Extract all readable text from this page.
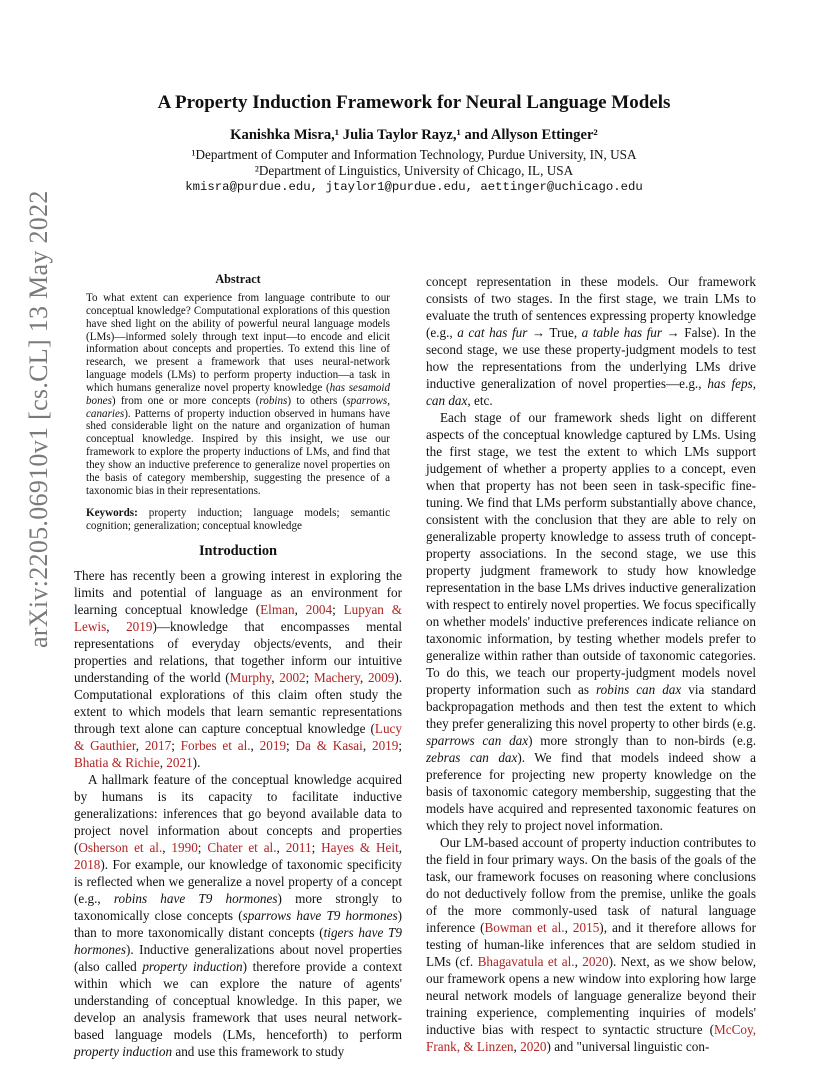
arXiv:2205.06910v1 [cs.CL] 13 May 2022
A Property Induction Framework for Neural Language Models
Kanishka Misra,¹ Julia Taylor Rayz,¹ and Allyson Ettinger²
¹Department of Computer and Information Technology, Purdue University, IN, USA
²Department of Linguistics, University of Chicago, IL, USA
kmisra@purdue.edu, jtaylor1@purdue.edu, aettinger@uchicago.edu
Abstract

To what extent can experience from language contribute to our conceptual knowledge? Computational explorations of this question have shed light on the ability of powerful neural language models (LMs)—informed solely through text input—to encode and elicit information about concepts and properties. To extend this line of research, we present a framework that uses neural-network language models (LMs) to perform property induction—a task in which humans generalize novel property knowledge (has sesamoid bones) from one or more concepts (robins) to others (sparrows, canaries). Patterns of property induction observed in humans have shed considerable light on the nature and organization of human conceptual knowledge. Inspired by this insight, we use our framework to explore the property inductions of LMs, and find that they show an inductive preference to generalize novel properties on the basis of category membership, suggesting the presence of a taxonomic bias in their representations.

Keywords: property induction; language models; semantic cognition; generalization; conceptual knowledge
Introduction

There has recently been a growing interest in exploring the limits and potential of language as an environment for learning conceptual knowledge (Elman, 2004; Lupyan & Lewis, 2019)—knowledge that encompasses mental representations of everyday objects/events, and their properties and relations, that together inform our intuitive understanding of the world (Murphy, 2002; Machery, 2009). Computational explorations of this claim often study the extent to which models that learn semantic representations through text alone can capture conceptual knowledge (Lucy & Gauthier, 2017; Forbes et al., 2019; Da & Kasai, 2019; Bhatia & Richie, 2021).

A hallmark feature of the conceptual knowledge acquired by humans is its capacity to facilitate inductive generalizations: inferences that go beyond available data to project novel information about concepts and properties (Osherson et al., 1990; Chater et al., 2011; Hayes & Heit, 2018). For example, our knowledge of taxonomic specificity is reflected when we generalize a novel property of a concept (e.g., robins have T9 hormones) more strongly to taxonomically close concepts (sparrows have T9 hormones) than to more taxonomically distant concepts (tigers have T9 hormones). Inductive generalizations about novel properties (also called property induction) therefore provide a context within which we can explore the nature of agents' understanding of conceptual knowledge. In this paper, we develop an analysis framework that uses neural network-based language models (LMs, henceforth) to perform property induction and use this framework to study

concept representation in these models. Our framework consists of two stages. In the first stage, we train LMs to evaluate the truth of sentences expressing property knowledge (e.g., a cat has fur → True, a table has fur → False). In the second stage, we use these property-judgment models to test how the representations from the underlying LMs drive inductive generalization of novel properties—e.g., has feps, can dax, etc.

Each stage of our framework sheds light on different aspects of the conceptual knowledge captured by LMs. Using the first stage, we test the extent to which LMs support judgement of whether a property applies to a concept, even when that property has not been seen in task-specific fine-tuning. We find that LMs perform substantially above chance, consistent with the conclusion that they are able to rely on generalizable property knowledge to assess truth of concept-property associations. In the second stage, we use this property judgment framework to study how knowledge representation in the base LMs drives inductive generalization with respect to entirely novel properties. We focus specifically on whether models' inductive preferences indicate reliance on taxonomic information, by testing whether models prefer to generalize within rather than outside of taxonomic categories. To do this, we teach our property-judgment models novel property information such as robins can dax via standard backpropagation methods and then test the extent to which they prefer generalizing this novel property to other birds (e.g. sparrows can dax) more strongly than to non-birds (e.g. zebras can dax). We find that models indeed show a preference for projecting new property knowledge on the basis of taxonomic category membership, suggesting that the models have acquired and represented taxonomic features on which they rely to project novel information.

Our LM-based account of property induction contributes to the field in four primary ways. On the basis of the goals of the task, our framework focuses on reasoning where conclusions do not deductively follow from the premise, unlike the goals of the more commonly-used task of natural language inference (Bowman et al., 2015), and it therefore allows for testing of human-like inferences that are seldom studied in LMs (cf. Bhagavatula et al., 2020). Next, as we show below, our framework opens a new window into exploring how large neural network models of language generalize beyond their training experience, complementing inquiries of models' inductive bias with respect to syntactic structure (McCoy, Frank, & Linzen, 2020) and "universal linguistic con-
